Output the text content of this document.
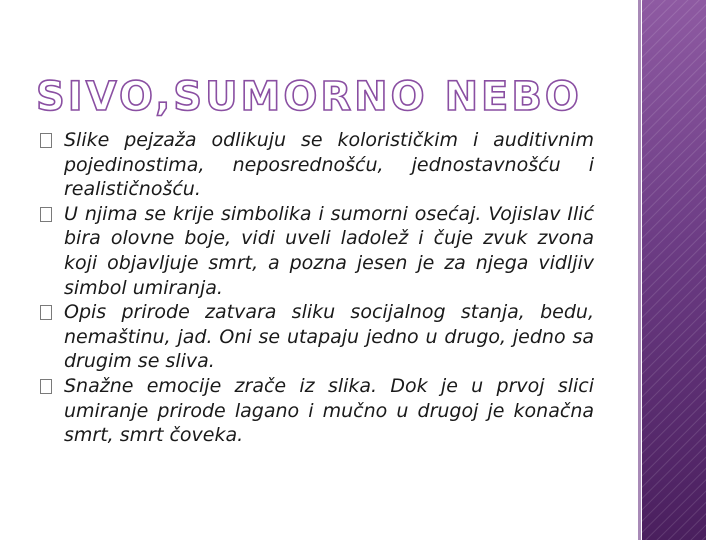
SIVO,SUMORNO NEBO

Slike pejzaža odlikuju se kolorističkim i auditivnim pojedinostima, neposrednošću, jednostavnošću i realističnošću.

U njima se krije simbolika i sumorni osećaj. Vojislav Ilić bira olovne boje, vidi uveli ladolež i čuje zvuk zvona koji objavljuje smrt, a pozna jesen je za njega vidljiv simbol umiranja.

Opis prirode zatvara sliku socijalnog stanja, bedu, nemaštinu, jad. Oni se utapaju jedno u drugo, jedno sa drugim se sliva.

Snažne emocije zrače iz slika. Dok je u prvoj slici umiranje prirode lagano i mučno u drugoj je konačna smrt, smrt čoveka.
